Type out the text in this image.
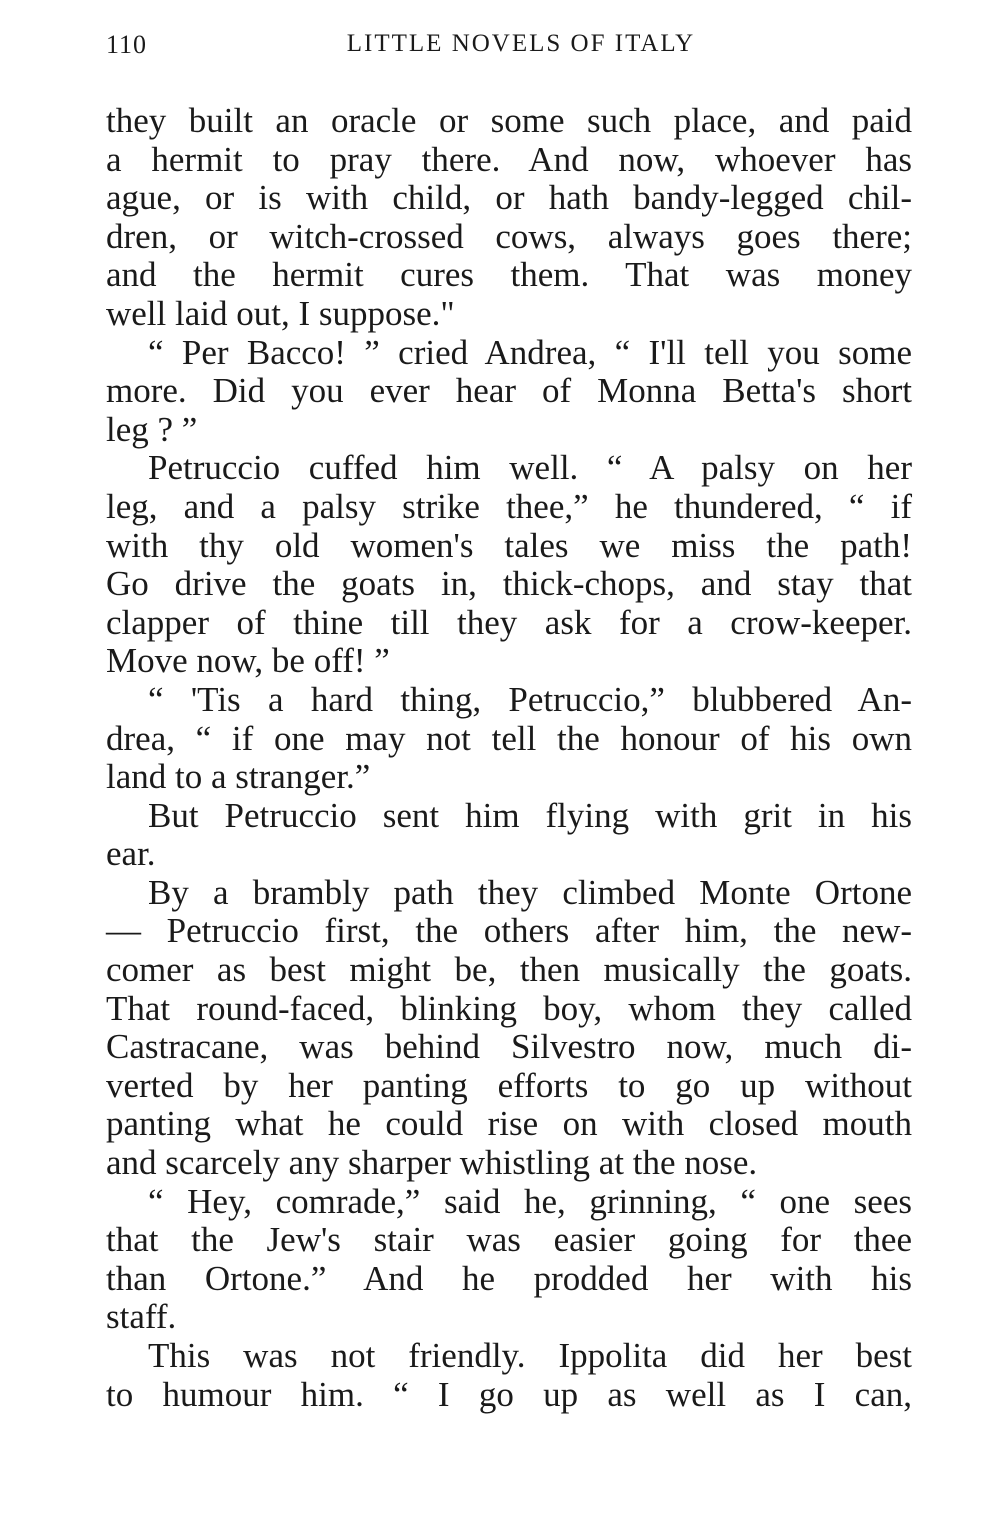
110	LITTLE NOVELS OF ITALY
they built an oracle or some such place, and paid
a hermit to pray there. And now, whoever has
ague, or is with child, or hath bandy-legged chil-
dren, or witch-crossed cows, always goes there;
and the hermit cures them. That was money
well laid out, I suppose."
“ Per Bacco! ” cried Andrea, “ I'll tell you some
more. Did you ever hear of Monna Betta's short
leg ? ”
Petruccio cuffed him well. “ A palsy on her
leg, and a palsy strike thee,” he thundered, “ if
with thy old women's tales we miss the path!
Go drive the goats in, thick-chops, and stay that
clapper of thine till they ask for a crow-keeper.
Move now, be off! ”
“ 'Tis a hard thing, Petruccio,” blubbered An-
drea, “ if one may not tell the honour of his own
land to a stranger.”
But Petruccio sent him flying with grit in his
ear.
By a brambly path they climbed Monte Ortone
— Petruccio first, the others after him, the new-
comer as best might be, then musically the goats.
That round-faced, blinking boy, whom they called
Castracane, was behind Silvestro now, much di-
verted by her panting efforts to go up without
panting what he could rise on with closed mouth
and scarcely any sharper whistling at the nose.
“ Hey, comrade,” said he, grinning, “ one sees
that the Jew's stair was easier going for thee
than Ortone.” And he prodded her with his
staff.
This was not friendly. Ippolita did her best
to humour him. “ I go up as well as I can,
